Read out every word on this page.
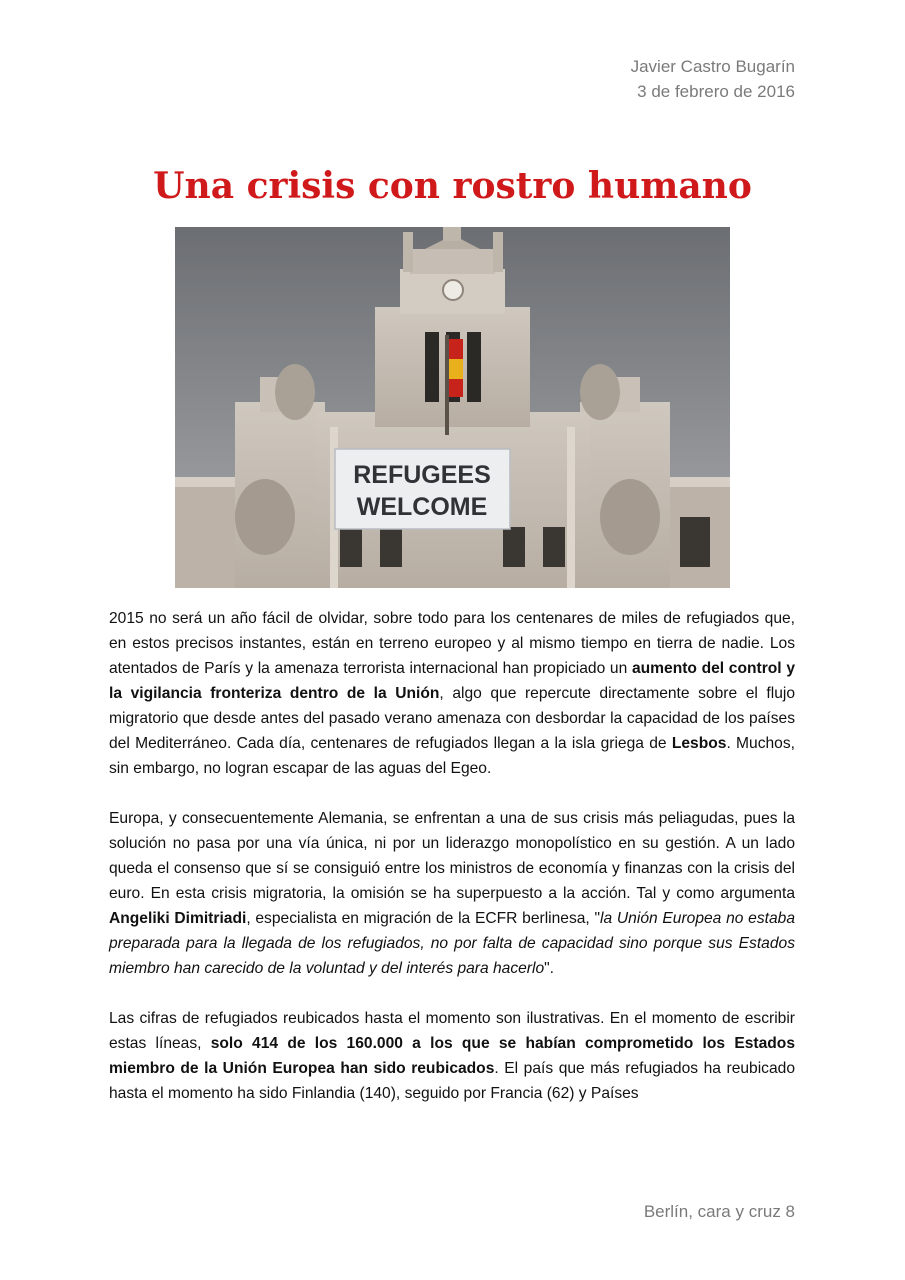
Javier Castro Bugarín
3 de febrero de 2016
Una crisis con rostro humano
REFUGEES
WELCOME

2015 no será un año fácil de olvidar, sobre todo para los centenares de miles de refugiados que, en estos precisos instantes, están en terreno europeo y al mismo tiempo en tierra de nadie. Los atentados de París y la amenaza terrorista internacional han propiciado un aumento del control y la vigilancia fronteriza dentro de la Unión, algo que repercute directamente sobre el flujo migratorio que desde antes del pasado verano amenaza con desbordar la capacidad de los países del Mediterráneo. Cada día, centenares de refugiados llegan a la isla griega de Lesbos. Muchos, sin embargo, no logran escapar de las aguas del Egeo.

Europa, y consecuentemente Alemania, se enfrentan a una de sus crisis más peliagudas, pues la solución no pasa por una vía única, ni por un liderazgo monopolístico en su gestión. A un lado queda el consenso que sí se consiguió entre los ministros de economía y finanzas con la crisis del euro. En esta crisis migratoria, la omisión se ha superpuesto a la acción. Tal y como argumenta Angeliki Dimitriadi, especialista en migración de la ECFR berlinesa, "la Unión Europea no estaba preparada para la llegada de los refugiados, no por falta de capacidad sino porque sus Estados miembro han carecido de la voluntad y del interés para hacerlo".

Las cifras de refugiados reubicados hasta el momento son ilustrativas. En el momento de escribir estas líneas, solo 414 de los 160.000 a los que se habían comprometido los Estados miembro de la Unión Europea han sido reubicados. El país que más refugiados ha reubicado hasta el momento ha sido Finlandia (140), seguido por Francia (62) y Países

Berlín, cara y cruz 8
